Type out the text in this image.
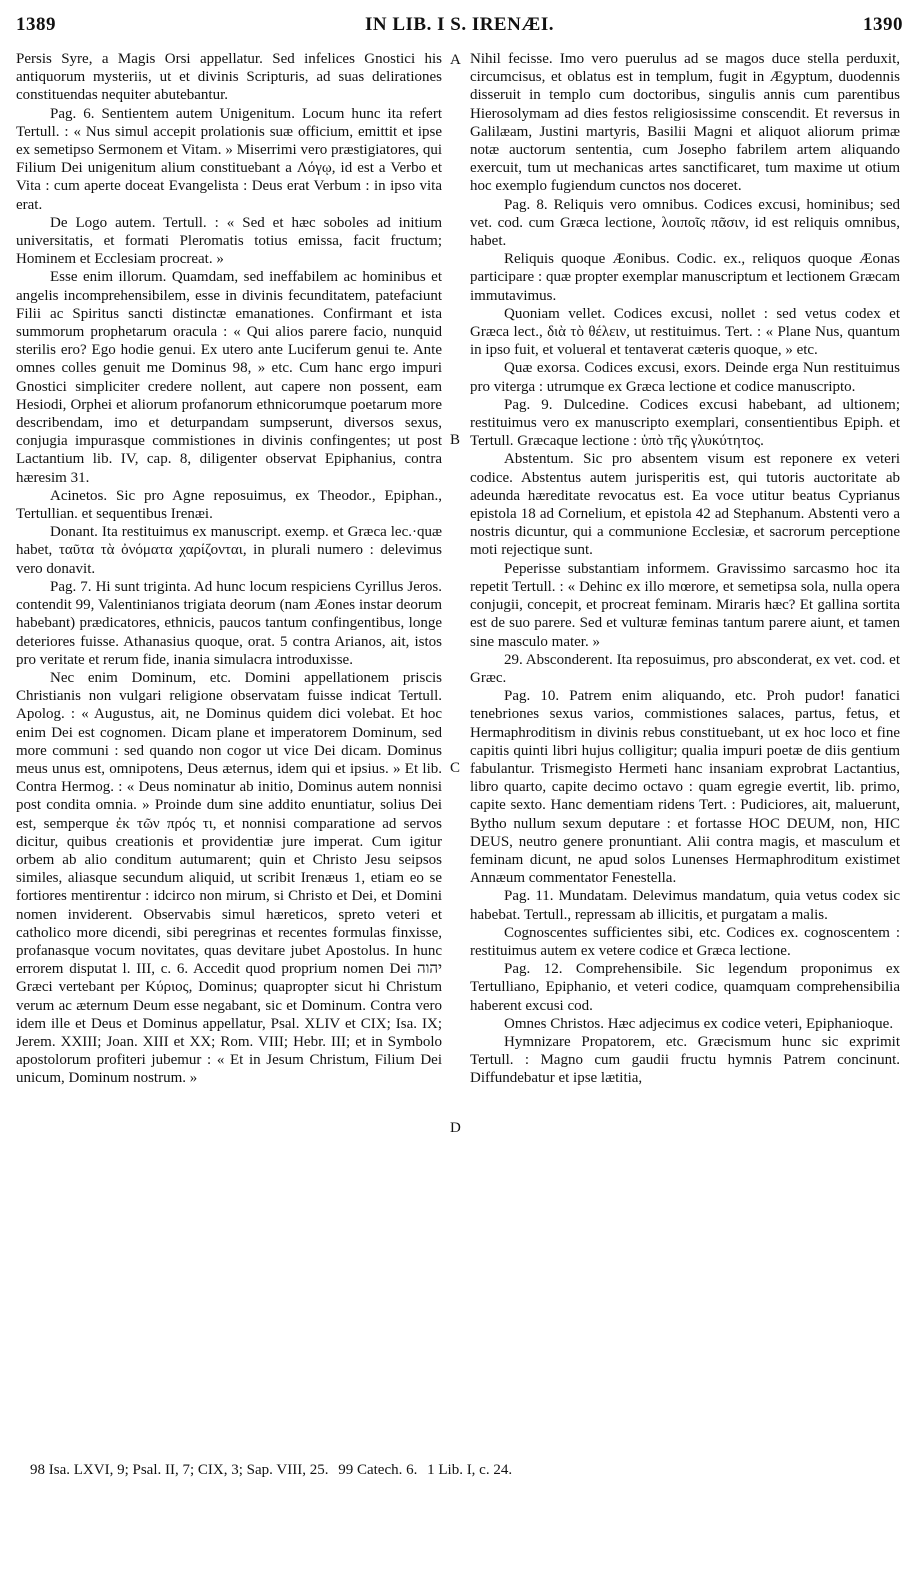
1389	IN LIB. I S. IRENÆI.	1390

Persis Syre, a Magis Orsi appellatur. Sed infelices Gnostici his antiquorum mysteriis, ut et divinis Scripturis, ad suas delirationes constituendas nequiter abutebantur.

Pag. 6. Sentientem autem Unigenitum. Locum hunc ita refert Tertull. : « Nus simul accepit prolationis suæ officium, emittit et ipse ex semetipso Sermonem et Vitam. » Miserrimi vero præstigiatores, qui Filium Dei unigenitum alium constituebant a Λόγῳ, id est a Verbo et Vita : cum aperte doceat Evangelista : Deus erat Verbum : in ipso vita erat.

De Logo autem. Tertull. : « Sed et hæc soboles ad initium universitatis, et formati Pleromatis totius emissa, facit fructum; Hominem et Ecclesiam procreat. »

Esse enim illorum. Quamdam, sed ineffabilem ac hominibus et angelis incomprehensibilem, esse in divinis fecunditatem, patefaciunt Filii ac Spiritus sancti distinctæ emanationes. Confirmant et ista summorum prophetarum oracula : « Qui alios parere facio, nunquid sterilis ero? Ego hodie genui. Ex utero ante Luciferum genui te. Ante omnes colles genuit me Dominus 98, » etc. Cum hanc ergo impuri Gnostici simpliciter credere nollent, aut capere non possent, eam Hesiodi, Orphei et aliorum profanorum ethnicorumque poetarum more describendam, imo et deturpandam sumpserunt, diversos sexus, conjugia impurasque commistiones in divinis confingentes; ut post Lactantium lib. IV, cap. 8, diligenter observat Epiphanius, contra hæresim 31.

Acinetos. Sic pro Agne reposuimus, ex Theodor., Epiphan., Tertullian. et sequentibus Irenæi.

Donant. Ita restituimus ex manuscript. exemp. et Græca lec.·quæ habet, ταῦτα τὰ ὀνόματα χαρίζονται, in plurali numero : delevimus vero donavit.

Pag. 7. Hi sunt triginta. Ad hunc locum respiciens Cyrillus Jeros. contendit 99, Valentinianos trigiata deorum (nam Æones instar deorum habebant) prædicatores, ethnicis, paucos tantum confingentibus, longe deteriores fuisse. Athanasius quoque, orat. 5 contra Arianos, ait, istos pro veritate et rerum fide, inania simulacra introduxisse.

Nec enim Dominum, etc. Domini appellationem priscis Christianis non vulgari religione observatam fuisse indicat Tertull. Apolog. : « Augustus, ait, ne Dominus quidem dici volebat. Et hoc enim Dei est cognomen. Dicam plane et imperatorem Dominum, sed more communi : sed quando non cogor ut vice Dei dicam. Dominus meus unus est, omnipotens, Deus æternus, idem qui et ipsius. » Et lib. Contra Hermog. : « Deus nominatur ab initio, Dominus autem nonnisi post condita omnia. » Proinde dum sine addito enuntiatur, solius Dei est, semperque ἐκ τῶν πρός τι, et nonnisi comparatione ad servos dicitur, quibus creationis et providentiæ jure imperat. Cum igitur orbem ab alio conditum autumarent; quin et Christo Jesu seipsos similes, aliasque secundum aliquid, ut scribit Irenæus 1, etiam eo se fortiores mentirentur : idcirco non mirum, si Christo et Dei, et Domini nomen inviderent. Observabis simul hæreticos, spreto veteri et catholico more dicendi, sibi peregrinas et recentes formulas finxisse, profanasque vocum novitates, quas devitare jubet Apostolus. In hunc errorem disputat l. III, c. 6. Accedit quod proprium nomen Dei יהוה Græci vertebant per Κύριος, Dominus; quapropter sicut hi Christum verum ac æternum Deum esse negabant, sic et Dominum. Contra vero idem ille et Deus et Dominus appellatur, Psal. XLIV et CIX; Isa. IX; Jerem. XXIII; Joan. XIII et XX; Rom. VIII; Hebr. III; et in Symbolo apostolorum profiteri jubemur : « Et in Jesum Christum, Filium Dei unicum, Dominum nostrum. »

A
B
C
D

Nihil fecisse. Imo vero puerulus ad se magos duce stella perduxit, circumcisus, et oblatus est in templum, fugit in Ægyptum, duodennis disseruit in templo cum doctoribus, singulis annis cum parentibus Hierosolymam ad dies festos religiosissime conscendit. Et reversus in Galilæam, Justini martyris, Basilii Magni et aliquot aliorum primæ notæ auctorum sententia, cum Josepho fabrilem artem aliquando exercuit, tum ut mechanicas artes sanctificaret, tum maxime ut otium hoc exemplo fugiendum cunctos nos doceret.

Pag. 8. Reliquis vero omnibus. Codices excusi, hominibus; sed vet. cod. cum Græca lectione, λοιποῖς πᾶσιν, id est reliquis omnibus, habet.

Reliquis quoque Æonibus. Codic. ex., reliquos quoque Æonas participare : quæ propter exemplar manuscriptum et lectionem Græcam immutavimus.

Quoniam vellet. Codices excusi, nollet : sed vetus codex et Græca lect., διὰ τὸ θέλειν, ut restituimus. Tert. : « Plane Nus, quantum in ipso fuit, et volueral et tentaverat cæteris quoque, » etc.

Quæ exorsa. Codices excusi, exors. Deinde erga Nun restituimus pro viterga : utrumque ex Græca lectione et codice manuscripto.

Pag. 9. Dulcedine. Codices excusi habebant, ad ultionem; restituimus vero ex manuscripto exemplari, consentientibus Epiph. et Tertull. Græcaque lectione : ὑπὸ τῆς γλυκύτητος.

Abstentum. Sic pro absentem visum est reponere ex veteri codice. Abstentus autem jurisperitis est, qui tutoris auctoritate ab adeunda hæreditate revocatus est. Ea voce utitur beatus Cyprianus epistola 18 ad Cornelium, et epistola 42 ad Stephanum. Abstenti vero a nostris dicuntur, qui a communione Ecclesiæ, et sacrorum perceptione moti rejectique sunt.

Peperisse substantiam informem. Gravissimo sarcasmo hoc ita repetit Tertull. : « Dehinc ex illo mœrore, et semetipsa sola, nulla opera conjugii, concepit, et procreat feminam. Miraris hæc? Et gallina sortita est de suo parere. Sed et vulturæ feminas tantum parere aiunt, et tamen sine masculo mater. »

29. Absconderent. Ita reposuimus, pro absconderat, ex vet. cod. et Græc.

Pag. 10. Patrem enim aliquando, etc. Proh pudor! fanatici tenebriones sexus varios, commistiones salaces, partus, fetus, et Hermaphroditism in divinis rebus constituebant, ut ex hoc loco et fine capitis quinti libri hujus colligitur; qualia impuri poetæ de diis gentium fabulantur. Trismegisto Hermeti hanc insaniam exprobrat Lactantius, libro quarto, capite decimo octavo : quam egregie evertit, lib. primo, capite sexto. Hanc dementiam ridens Tert. : Pudiciores, ait, maluerunt, Bytho nullum sexum deputare : et fortasse HOC DEUM, non, HIC DEUS, neutro genere pronuntiant. Alii contra magis, et masculum et feminam dicunt, ne apud solos Lunenses Hermaphroditum existimet Annæum commentator Fenestella.

Pag. 11. Mundatam. Delevimus mandatum, quia vetus codex sic habebat. Tertull., repressam ab illicitis, et purgatam a malis.

Cognoscentes sufficientes sibi, etc. Codices ex. cognoscentem : restituimus autem ex vetere codice et Græca lectione.

Pag. 12. Comprehensibile. Sic legendum proponimus ex Tertulliano, Epiphanio, et veteri codice, quamquam comprehensibilia haberent excusi cod.

Omnes Christos. Hæc adjecimus ex codice veteri, Epiphanioque.

Hymnizare Propatorem, etc. Græcismum hunc sic exprimit Tertull. : Magno cum gaudii fructu hymnis Patrem concinunt. Diffundebatur et ipse lætitia,

98 Isa. LXVI, 9; Psal. II, 7; CIX, 3; Sap. VIII, 25. 99 Catech. 6. 1 Lib. I, c. 24.
